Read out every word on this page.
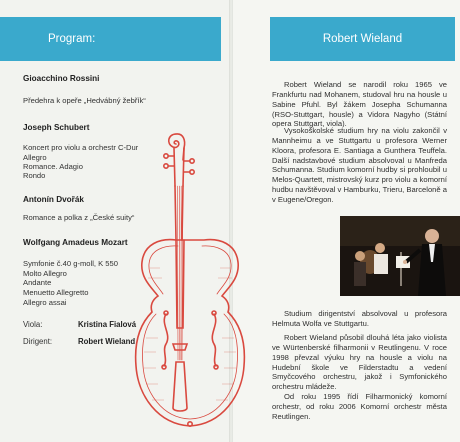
Program:
Gioacchino Rossini
Předehra k opeře „Hedvábný žebřík“
Joseph Schubert
Koncert pro violu a orchestr C-Dur
Allegro
Romance. Adagio
Rondo
Antonín Dvořák
Romance a polka z „České suity“
Wolfgang Amadeus Mozart
Symfonie č.40 g-moll, K 550
Molto Allegro
Andante
Menuetto Allegretto
Allegro assai
Viola:	Kristina Fialová
Dirigent:	Robert Wieland
Robert Wieland

Robert Wieland se narodil roku 1965 ve Frankfurtu nad Mohanem, studoval hru na housle u Sabine Pfuhl. Byl žákem Josepha Schumanna (RSO-Stuttgart, housle) a Vidora Nagyho (Státní opera Stuttgart, viola).

Vysokoškolské studium hry na violu zakončil v Mannheimu a ve Stuttgartu u profesora Werner Kloora, profesora E. Santiaga a Gunthera Teuffela. Další nadstavbové studium absolvoval u Manfreda Schumanna. Studium komorní hudby si prohloubil u Melos-Quartett, mistrovský kurz pro violu a komorní hudbu navštěvoval v Hamburku, Trieru, Barceloně a v Eugene/Oregon.

Studium dirigentství absolvoval u profesora Helmuta Wolfa ve Stuttgartu.

Robert Wieland působil dlouhá léta jako violista ve Würtenberské filharmonii v Reutlingenu. V roce 1998 převzal výuku hry na housle a violu na Hudební škole ve Filderstadtu a vedení Smyčcového orchestru, jakož i Symfonického orchestru mládeže.

Od roku 1995 řídí Filharmonický komorní orchestr, od roku 2006 Komorní orchestr města Reutlingen.
